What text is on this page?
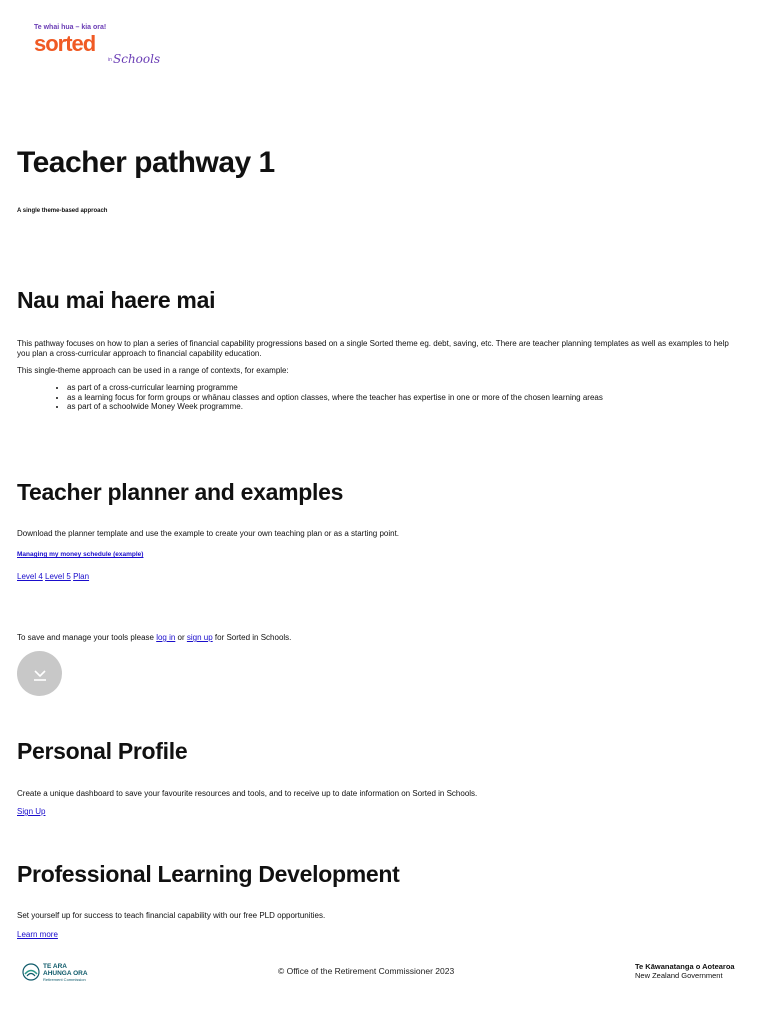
Te whai hua – kia ora!
sorted
in Schools
Teacher pathway 1
A single theme-based approach
Nau mai haere mai
This pathway focuses on how to plan a series of financial capability progressions based on a single Sorted theme eg. debt, saving, etc. There are teacher planning templates as well as examples to help you plan a cross-curricular approach to financial capability education.
This single-theme approach can be used in a range of contexts, for example:
• as part of a cross-curricular learning programme
• as a learning focus for form groups or whānau classes and option classes, where the teacher has expertise in one or more of the chosen learning areas
• as part of a schoolwide Money Week programme.
Teacher planner and examples
Download the planner template and use the example to create your own teaching plan or as a starting point.
Managing my money schedule (example)
Level 4 Level 5 Plan
To save and manage your tools please log in or sign up for Sorted in Schools.
Personal Profile
Create a unique dashboard to save your favourite resources and tools, and to receive up to date information on Sorted in Schools.
Sign Up
Professional Learning Development
Set yourself up for success to teach financial capability with our free PLD opportunities.
Learn more
TE ARA
AHUNGA ORA
Retirement Commission
© Office of the Retirement Commissioner 2023	Te Kāwanatanga o Aotearoa
New Zealand Government
